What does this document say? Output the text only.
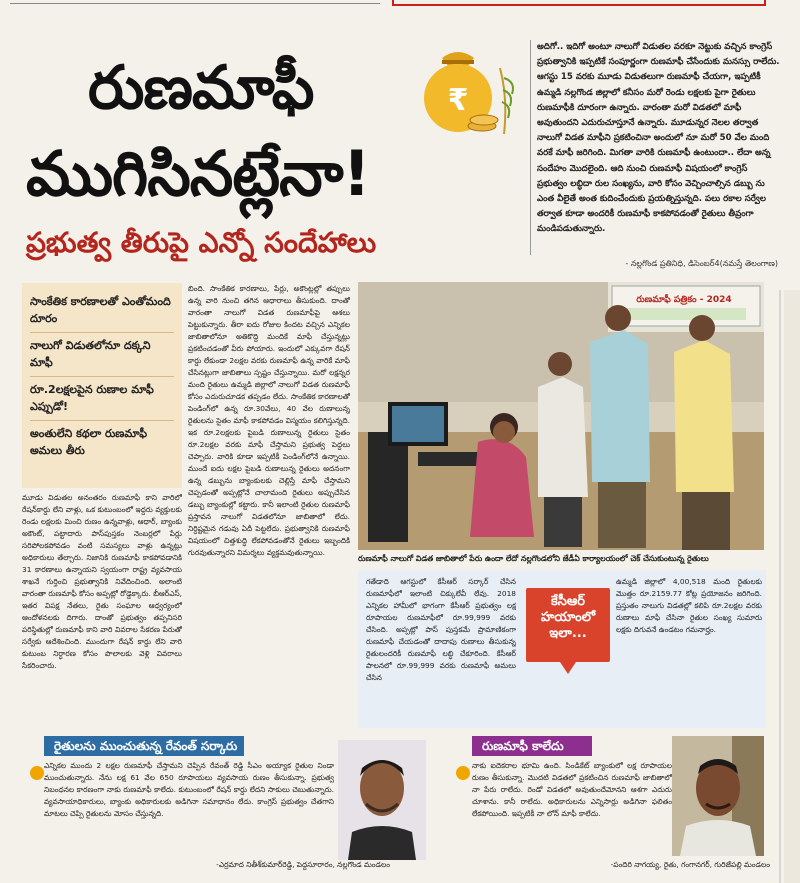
రుణమాఫీ
ముగిసినట్లేనా!
ప్రభుత్వ తీరుపై ఎన్నో సందేహాలు
₹
అదిగో.. ఇదిగో అంటూ నాలుగో విడుతల వరకూ నెట్టుకు వచ్చిన కాంగ్రెస్ ప్రభుత్వానికి ఇప్పటికే సంపూర్ణంగా రుణమాఫీ చేసేందుకు మనస్సు రాలేదు. ఆగస్టు 15 వరకు మూడు విడుతలుగా రుణమాఫీ చేయగా, ఇప్పటికీ ఉమ్మడి నల్లగొండ జిల్లాలో కనీసం మరో రెండు లక్షలకు పైగా రైతులు రుణమాఫీకి దూరంగా ఉన్నారు. వారంతా మరో విడతలో మాఫీ అవుతుందని ఎదురుచూస్తూనే ఉన్నారు. మూడున్నర నెలల తర్వాత నాలుగో విడత మాఫీని ప్రకటించినా అందులో నూ మరో 50 వేల మంది వరకే మాఫీ జరిగింది. మిగతా వారికి రుణమాఫీ ఉంటుందా.. లేదా అన్న సందేహం మొదలైంది. ఆది నుంచి రుణమాఫీ విషయంలో కాంగ్రెస్ ప్రభుత్వం లబ్ధిదా రుల సంఖ్యను, వారి కోసం వెచ్చించాల్సిన డబ్బు ను ఎంత వీలైతే అంత కుదించేందుకు ప్రయత్నిస్తున్నది. పలు రకాల సర్వేల తర్వాత కూడా అందరికీ రుణమాఫీ కాకపోవడంతో రైతులు తీవ్రంగా మండిపడుతున్నారు.
- నల్లగొండ ప్రతినిధి, డిసెంబర్4(నమస్తే తెలంగాణ)
సాంకేతిక కారణాలతో ఎంతోమంది దూరం
నాలుగో విడుతలోనూ దక్కని మాఫీ
రూ.2లక్షలపైన రుణాల మాఫీ ఎప్పుడో!
అంతులేని కథలా రుణమాఫీ అమలు తీరు
మూడు విడుతల అనంతరం రుణమాఫీ కాని వారిలో రేషన్‌కార్డు లేని వాళ్లు, ఒక కుటుంబంలో ఇద్దరు వ్యక్తులకు రెండు లక్షలకు మించి రుణం ఉన్నవాళ్లు, ఆధార్, బ్యాంకు అకౌంట్, పట్టాదారు పాస్‌పుస్తకం నెంబర్లలో పేర్లు సరిపోలకపోవడం వంటి సమస్యలు వాళ్లు ఉన్నట్లు అధికారులు తేల్చారు. నిజానికి రుణమాఫీ కాకపోవడానికి 31 కారణాలు ఉన్నాయని స్వయంగా రాష్ట్ర వ్యవసాయ శాఖనే గుర్తించి ప్రభుత్వానికి నివేదించింది. అలాంటి వారంతా రుణమాఫీ కోసం అప్పట్లో రోడ్డెక్కారు. బీఆర్ఎస్, ఇతర విపక్ష నేతలు, రైతు సంఘాల ఆధ్వర్యంలో ఆందోళనలకు దిగారు. దాంతో ప్రభుత్వం తప్పనిసరి పరిస్థితుల్లో రుణమాఫీ కాని వారి వివరాల సేకరణ పేరుతో సర్వేకు ఆదేశించింది. ముందుగా రేషన్ కార్డు లేని వారి కుటుంబ నిర్ధారణ కోసం పొలాలకు వెళ్లి వివరాలు సేకరించారు.
బింది. సాంకేతిక కారణాలు, పేర్లు, అకౌంట్లల్లో తప్పులు ఉన్న వారి నుంచి తగిన ఆధారాలు తీసుకుంది. దాంతో వారంతా నాలుగో విడత రుణమాఫీపై ఆశలు పెట్టుకున్నారు. తీరా ఐదు రోజుల కిందట వచ్చిన ఎన్నికల జాబితాలోనూ అతికొద్ది మందికే మాఫీ చేస్తున్నట్లు ప్రకటించడంతో వీరు పోయారు. ఇందులో ఎక్కువగా రేషన్ కార్డు లేకుండా 2లక్షల వరకు రుణమాఫీ ఉన్న వారికే మాఫీ చేసినట్లుగా జాబితాలు స్పష్టం చేస్తున్నాయి. మరో లక్షన్నర మంది రైతులు ఉమ్మడి జిల్లాలో నాలుగో విడత రుణమాఫీ కోసం ఎదురుచూడక తప్పడం లేదు. సాంకేతిక కారణాలతో పెండింగ్‌లో ఉన్న రూ.30వేలు, 40 వేల రుణాలున్న రైతులను సైతం మాఫీ కాకపోవడం విస్మయం కలిగిస్తున్నది. ఇక రూ.2లక్షలకు పైబడి రుణాలున్న రైతులు సైతం రూ.2లక్షల వరకు మాఫీ చేస్తామని ప్రభుత్వ పెద్దలు చెప్పారు. వారికి కూడా ఇప్పటికీ పెండింగ్‌లోనే ఉన్నాయి. ముందే ఐదు లక్షల పైబడి రుణాలున్న రైతులు అదనంగా ఉన్న డబ్బును బ్యాంకులకు చెల్లిస్తే మాఫీ చేస్తామని చెప్పడంతో అప్పట్లోనే చాలామంది రైతులు అప్పుచేసిన డబ్బు బ్యాంకుల్లో కట్టారు. కానీ ఇలాంటి రైతుల రుణమాఫీ ప్రస్తావన నాలుగో విడతలోనూ జాబితాలో లేదు. నిర్దిష్టమైన గడువు ఏదీ పెట్టలేదు. ప్రభుత్వానికి రుణమాఫీ విషయంలో చిత్తశుద్ధి లేకపోవడంతోనే రైతులు ఇబ్బందికి గురవుతున్నారని విమర్శలు వ్యక్తమవుతున్నాయి.
రుణమాఫీ పత్రికం - 2024
రుణమాఫీ నాలుగో విడత జాబితాలో పేరు ఉందా లేదో నల్లగొండలోని జేడీఏ కార్యాలయంలో చెక్ చేసుకుంటున్న రైతులు
గతేడాది ఆగస్టులో కేసీఆర్ సర్కార్ చేసిన రుణమాఫీలో ఇలాంటి చిక్కులేవీ లేవు. 2018 ఎన్నికల హామీలో భాగంగా కేసీఆర్ ప్రభుత్వం లక్ష రూపాయల రుణమాఫీలో రూ.99,999 వరకు చేసింది. అప్పట్లో పాస్ పుస్తకమే ప్రామాణికంగా రుణమాఫీ చేయడంతో దాదాపు రుణాలు తీసుకున్న రైతులందరికీ రుణమాఫీ లబ్ధి చేకూరింది. కేసీఆర్ పాలనలో రూ.99,999 వరకు రుణమాఫీ అమలు చేసిన
కేసీఆర్
హయాంలో
ఇలా...
ఉమ్మడి జిల్లాలో 4,00,518 మంది రైతులకు మొత్తం రూ.2159.77 కోట్ల ప్రయోజనం జరిగింది. ప్రస్తుతం నాలుగు విడతల్లో కలిపి రూ.2లక్షల వరకు రుణాలు మాఫీ చేసినా రైతుల సంఖ్య సుమారు లక్షకు దిగువనే ఉండటం గమనార్హం.
రైతులను ముంచుతున్న రేవంత్ సర్కారు	రుణమాఫీ కాలేదు
ఎన్నికల ముందు 2 లక్షల రుణమాఫీ చేస్తామని చెప్పిన రేవంత్ రెడ్డి సీఎం అయ్యాక రైతుల నిండా ముంచుతున్నారు. నేను లక్ష 61 వేల 650 రూపాయలు వ్యవసాయ రుణం తీసుకున్నా. ప్రభుత్వ నిబంధనల కారణంగా నాకు రుణమాఫీ కాలేదు. కుటుంబంలో రేషన్ కార్డు లేదని సాకులు చెబుతున్నారు. వ్యవసాయాధికారులు, బ్యాంకు అధికారులకు అడిగినా సమాధానం లేదు. కాంగ్రెస్ ప్రభుత్వం చేతగాని మాటలు చెప్పి రైతులను మోసం చేస్తున్నది.
నాకు ఐదెకరాల భూమి ఉంది. సిండికేట్ బ్యాంకులో లక్ష రూపాయల రుణం తీసుకున్నా. మొదటి విడతలో ప్రకటించిన రుణమాఫీ జాబితాలో నా పేరు రాలేదు. రెండో విడతలో అవుతుందేమోనని ఆశగా ఎదురు చూశాను. కానీ రాలేదు. అధికారులను ఎన్నిసార్లు అడిగినా ఫలితం లేకపోయింది. ఇప్పటికీ నా లోన్ మాఫీ కాలేదు.
-ఎర్రమాద నితీశ్‌కుమార్‌రెడ్డి, పెద్దసూరారం, నల్లగొండ మండలం	-పందిరి నాగయ్య, రైతు, గంగానగర్, గురిజేపల్లి మండలం
